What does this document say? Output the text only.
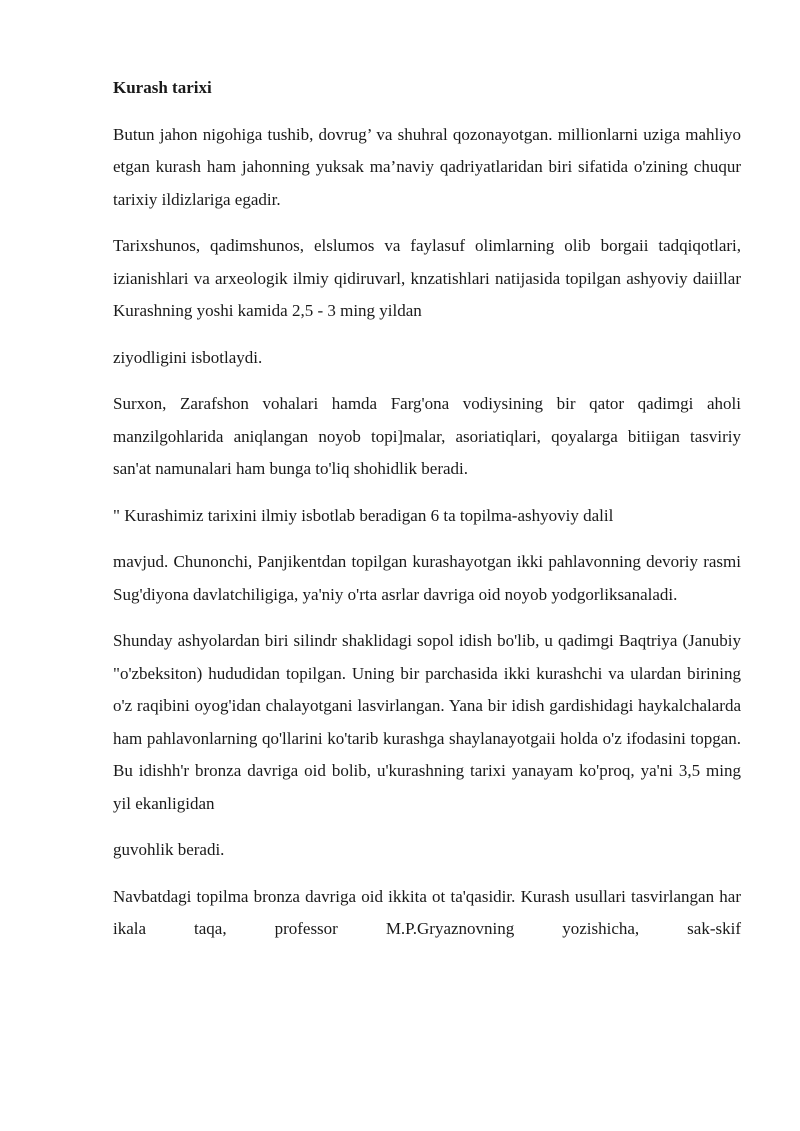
Kurash tarixi

Butun jahon nigohiga tushib, dovrug’ va shuhral qozonayotgan. millionlarni uziga mahliyo etgan kurash ham jahonning yuksak ma’naviy qadriyatlaridan biri sifatida o'zining chuqur tarixiy ildizlariga egadir.

Tarixshunos, qadimshunos, elslumos va faylasuf olimlarning olib borgaii tadqiqotlari, izianishlari va arxeologik ilmiy qidiruvarl, knzatishlari natijasida topilgan ashyoviy daiillar Kurashning yoshi kamida 2,5 - 3 ming yildan

ziyodligini isbotlaydi.

Surxon, Zarafshon vohalari hamda Farg'ona vodiysining bir qator qadimgi aholi manzilgohlarida aniqlangan noyob topi]malar, asoriatiqlari, qoyalarga bitiigan tasviriy san'at namunalari ham bunga to'liq shohidlik beradi.

" Kurashimiz tarixini ilmiy isbotlab beradigan 6 ta topilma-ashyoviy dalil

mavjud. Chunonchi, Panjikentdan topilgan kurashayotgan ikki pahlavonning devoriy rasmi Sug'diyona davlatchiligiga, ya'niy o'rta asrlar davriga oid noyob yodgorliksanaladi.

Shunday ashyolardan biri silindr shaklidagi sopol idish bo'lib, u qadimgi Baqtriya (Janubiy "o'zbeksiton) hududidan topilgan. Uning bir parchasida ikki kurashchi va ulardan birining o'z raqibini oyog'idan chalayotgani lasvirlangan. Yana bir idish gardishidagi haykalchalarda ham pahlavonlarning qo'llarini ko'tarib kurashga shaylanayotgaii holda o'z ifodasini topgan. Bu idishh'r bronza davriga oid bolib, u'kurashning tarixi yanayam ko'proq, ya'ni 3,5 ming yil ekanligidan

guvohlik beradi.

Navbatdagi topilma bronza davriga oid ikkita ot ta'qasidir. Kurash usullari tasvirlangan har ikala taqa, professor M.P.Gryaznovning yozishicha, sak-skif
